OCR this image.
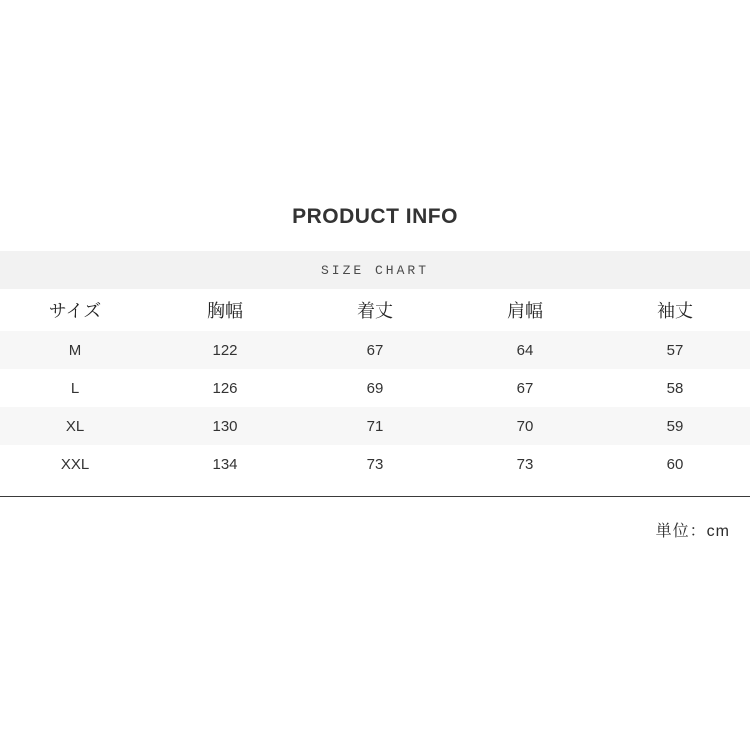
PRODUCT INFO
SIZE CHART				
サイズ	胸幅	着丈	肩幅	袖丈
M	122	67	64	57
L	126	69	67	58
XL	130	71	70	59
XXL	134	73	73	60
単位：cm
